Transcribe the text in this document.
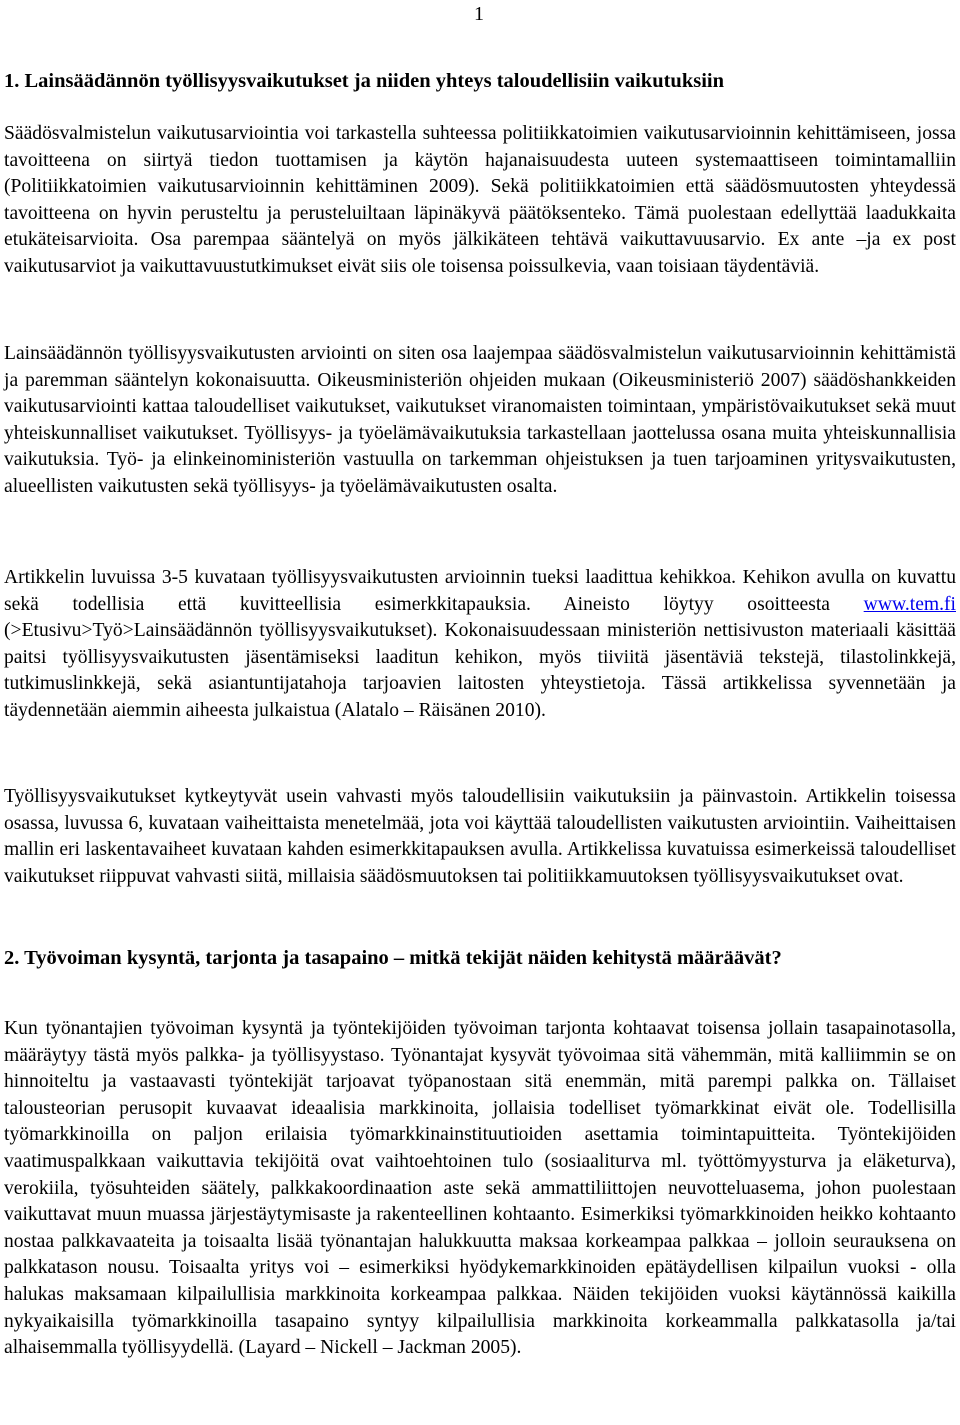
1
1. Lainsäädännön työllisyysvaikutukset ja niiden yhteys taloudellisiin vaikutuksiin

Säädösvalmistelun vaikutusarviointia voi tarkastella suhteessa politiikkatoimien vaikutusarvioinnin kehittämiseen, jossa tavoitteena on siirtyä tiedon tuottamisen ja käytön hajanaisuudesta uuteen systemaattiseen toimintamalliin (Politiikkatoimien vaikutusarvioinnin kehittäminen 2009). Sekä politiikkatoimien että säädösmuutosten yhteydessä tavoitteena on hyvin perusteltu ja perusteluiltaan läpinäkyvä päätöksenteko. Tämä puolestaan edellyttää laadukkaita etukäteisarvioita. Osa parempaa sääntelyä on myös jälkikäteen tehtävä vaikuttavuusarvio. Ex ante –ja ex post vaikutusarviot ja vaikuttavuustutkimukset eivät siis ole toisensa poissulkevia, vaan toisiaan täydentäviä.

Lainsäädännön työllisyysvaikutusten arviointi on siten osa laajempaa säädösvalmistelun vaikutusarvioinnin kehittämistä ja paremman sääntelyn kokonaisuutta. Oikeusministeriön ohjeiden mukaan (Oikeusministeriö 2007) säädöshankkeiden vaikutusarviointi kattaa taloudelliset vaikutukset, vaikutukset viranomaisten toimintaan, ympäristövaikutukset sekä muut yhteiskunnalliset vaikutukset. Työllisyys- ja työelämävaikutuksia tarkastellaan jaottelussa osana muita yhteiskunnallisia vaikutuksia. Työ- ja elinkeinoministeriön vastuulla on tarkemman ohjeistuksen ja tuen tarjoaminen yritysvaikutusten, alueellisten vaikutusten sekä työllisyys- ja työelämävaikutusten osalta.

Artikkelin luvuissa 3-5 kuvataan työllisyysvaikutusten arvioinnin tueksi laadittua kehikkoa. Kehikon avulla on kuvattu sekä todellisia että kuvitteellisia esimerkkitapauksia. Aineisto löytyy osoitteesta www.tem.fi (>Etusivu>Työ>Lainsäädännön työllisyysvaikutukset). Kokonaisuudessaan ministeriön nettisivuston materiaali käsittää paitsi työllisyysvaikutusten jäsentämiseksi laaditun kehikon, myös tiiviitä jäsentäviä tekstejä, tilastolinkkejä, tutkimuslinkkejä, sekä asiantuntijatahoja tarjoavien laitosten yhteystietoja. Tässä artikkelissa syvennetään ja täydennetään aiemmin aiheesta julkaistua (Alatalo – Räisänen 2010).

Työllisyysvaikutukset kytkeytyvät usein vahvasti myös taloudellisiin vaikutuksiin ja päinvastoin. Artikkelin toisessa osassa, luvussa 6, kuvataan vaiheittaista menetelmää, jota voi käyttää taloudellisten vaikutusten arviointiin. Vaiheittaisen mallin eri laskentavaiheet kuvataan kahden esimerkkitapauksen avulla. Artikkelissa kuvatuissa esimerkeissä taloudelliset vaikutukset riippuvat vahvasti siitä, millaisia säädösmuutoksen tai politiikkamuutoksen työllisyysvaikutukset ovat.

2. Työvoiman kysyntä, tarjonta ja tasapaino – mitkä tekijät näiden kehitystä määräävät?

Kun työnantajien työvoiman kysyntä ja työntekijöiden työvoiman tarjonta kohtaavat toisensa jollain tasapainotasolla, määräytyy tästä myös palkka- ja työllisyystaso. Työnantajat kysyvät työvoimaa sitä vähemmän, mitä kalliimmin se on hinnoiteltu ja vastaavasti työntekijät tarjoavat työpanostaan sitä enemmän, mitä parempi palkka on. Tällaiset talousteorian perusopit kuvaavat ideaalisia markkinoita, jollaisia todelliset työmarkkinat eivät ole. Todellisilla työmarkkinoilla on paljon erilaisia työmarkkinainstituutioiden asettamia toimintapuitteita. Työntekijöiden vaatimuspalkkaan vaikuttavia tekijöitä ovat vaihtoehtoinen tulo (sosiaaliturva ml. työttömyysturva ja eläketurva), verokiila, työsuhteiden säätely, palkkakoordinaation aste sekä ammattiliittojen neuvotteluasema, johon puolestaan vaikuttavat muun muassa järjestäytymisaste ja rakenteellinen kohtaanto. Esimerkiksi työmarkkinoiden heikko kohtaanto nostaa palkkavaateita ja toisaalta lisää työnantajan halukkuutta maksaa korkeampaa palkkaa – jolloin seurauksena on palkkatason nousu. Toisaalta yritys voi – esimerkiksi hyödykemarkkinoiden epätäydellisen kilpailun vuoksi - olla halukas maksamaan kilpailullisia markkinoita korkeampaa palkkaa. Näiden tekijöiden vuoksi käytännössä kaikilla nykyaikaisilla työmarkkinoilla tasapaino syntyy kilpailullisia markkinoita korkeammalla palkkatasolla ja/tai alhaisemmalla työllisyydellä. (Layard – Nickell – Jackman 2005).
